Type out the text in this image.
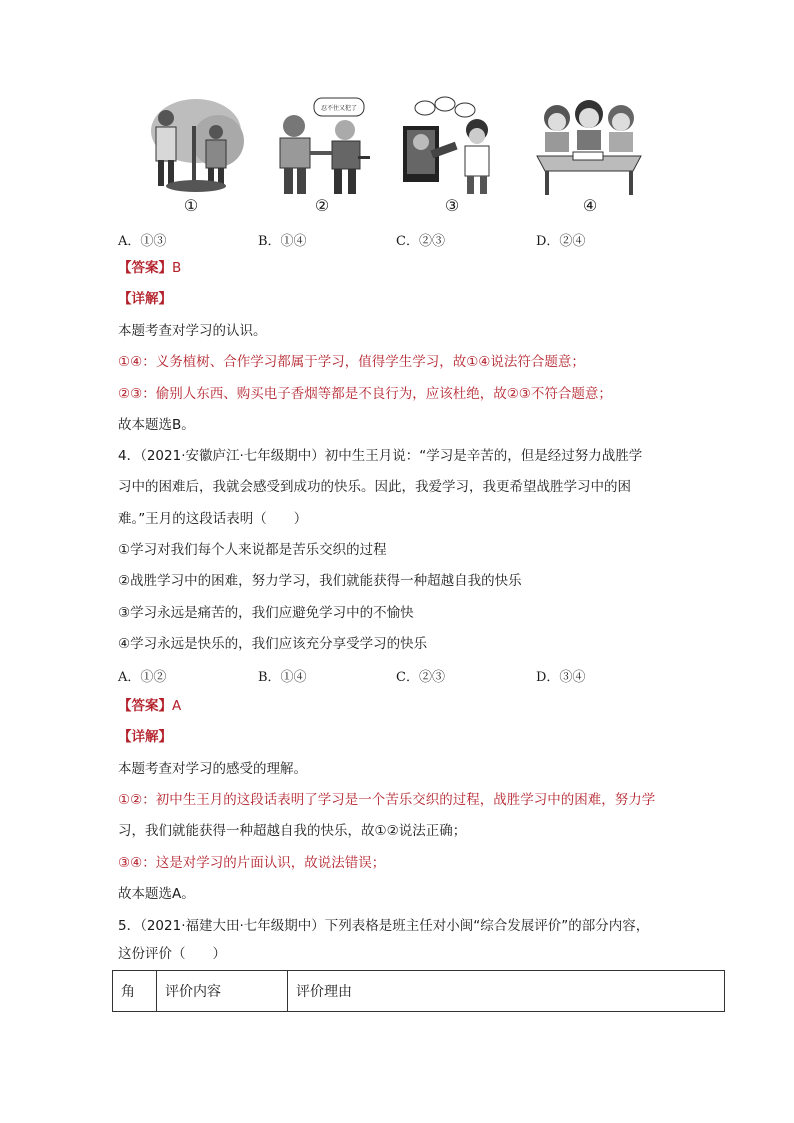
①
忍不住又犯了
②	③	④
A．①③	B．①④	C．②③	D．②④
【答案】B
【详解】
本题考查对学习的认识。
①④：义务植树、合作学习都属于学习，值得学生学习，故①④说法符合题意；
②③：偷别人东西、购买电子香烟等都是不良行为，应该杜绝，故②③不符合题意；
故本题选B。
4．（2021·安徽庐江·七年级期中）初中生王月说：“学习是辛苦的，但是经过努力战胜学
习中的困难后，我就会感受到成功的快乐。因此，我爱学习，我更希望战胜学习中的困
难。”王月的这段话表明（　　）
①学习对我们每个人来说都是苦乐交织的过程
②战胜学习中的困难，努力学习，我们就能获得一种超越自我的快乐
③学习永远是痛苦的，我们应避免学习中的不愉快
④学习永远是快乐的，我们应该充分享受学习的快乐
A．①②	B．①④	C．②③	D．③④
【答案】A
【详解】
本题考查对学习的感受的理解。
①②：初中生王月的这段话表明了学习是一个苦乐交织的过程，战胜学习中的困难，努力学
习，我们就能获得一种超越自我的快乐，故①②说法正确；
③④：这是对学习的片面认识，故说法错误；
故本题选A。
5．（2021·福建大田·七年级期中）下列表格是班主任对小闽“综合发展评价”的部分内容，
这份评价（　　）
角	评价内容	评价理由
